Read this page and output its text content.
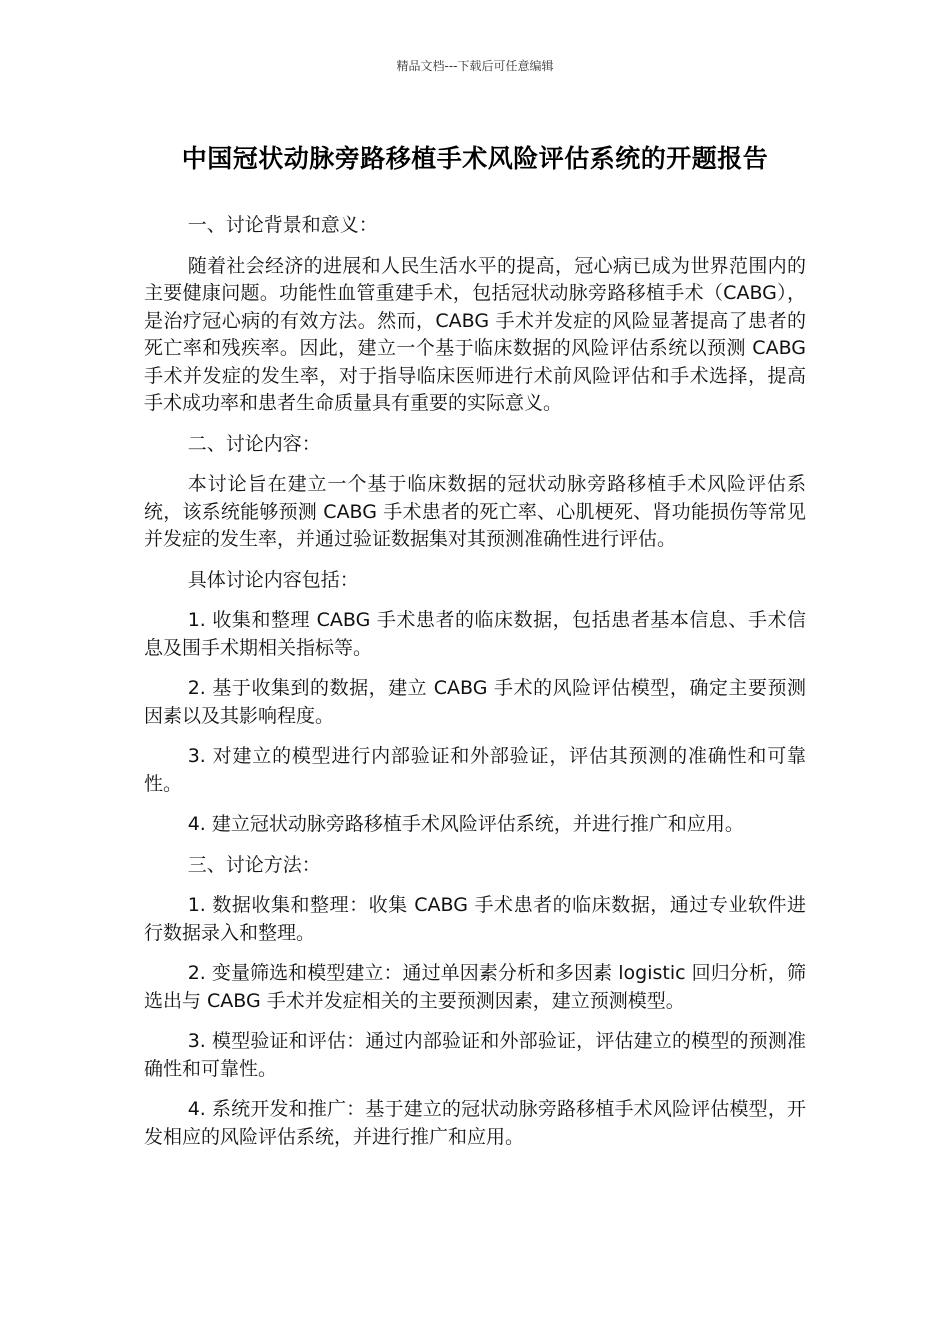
精品文档---下载后可任意编辑
中国冠状动脉旁路移植手术风险评估系统的开题报告

一、讨论背景和意义：

随着社会经济的进展和人民生活水平的提高，冠心病已成为世界范围内的主要健康问题。功能性血管重建手术，包括冠状动脉旁路移植手术（CABG），是治疗冠心病的有效方法。然而，CABG 手术并发症的风险显著提高了患者的死亡率和残疾率。因此，建立一个基于临床数据的风险评估系统以预测 CABG 手术并发症的发生率，对于指导临床医师进行术前风险评估和手术选择，提高手术成功率和患者生命质量具有重要的实际意义。

二、讨论内容：

本讨论旨在建立一个基于临床数据的冠状动脉旁路移植手术风险评估系统，该系统能够预测 CABG 手术患者的死亡率、心肌梗死、肾功能损伤等常见并发症的发生率，并通过验证数据集对其预测准确性进行评估。

具体讨论内容包括：

1. 收集和整理 CABG 手术患者的临床数据，包括患者基本信息、手术信息及围手术期相关指标等。

2. 基于收集到的数据，建立 CABG 手术的风险评估模型，确定主要预测因素以及其影响程度。

3. 对建立的模型进行内部验证和外部验证，评估其预测的准确性和可靠性。

4. 建立冠状动脉旁路移植手术风险评估系统，并进行推广和应用。

三、讨论方法：

1. 数据收集和整理：收集 CABG 手术患者的临床数据，通过专业软件进行数据录入和整理。

2. 变量筛选和模型建立：通过单因素分析和多因素 logistic 回归分析，筛选出与 CABG 手术并发症相关的主要预测因素，建立预测模型。

3. 模型验证和评估：通过内部验证和外部验证，评估建立的模型的预测准确性和可靠性。

4. 系统开发和推广：基于建立的冠状动脉旁路移植手术风险评估模型，开发相应的风险评估系统，并进行推广和应用。
